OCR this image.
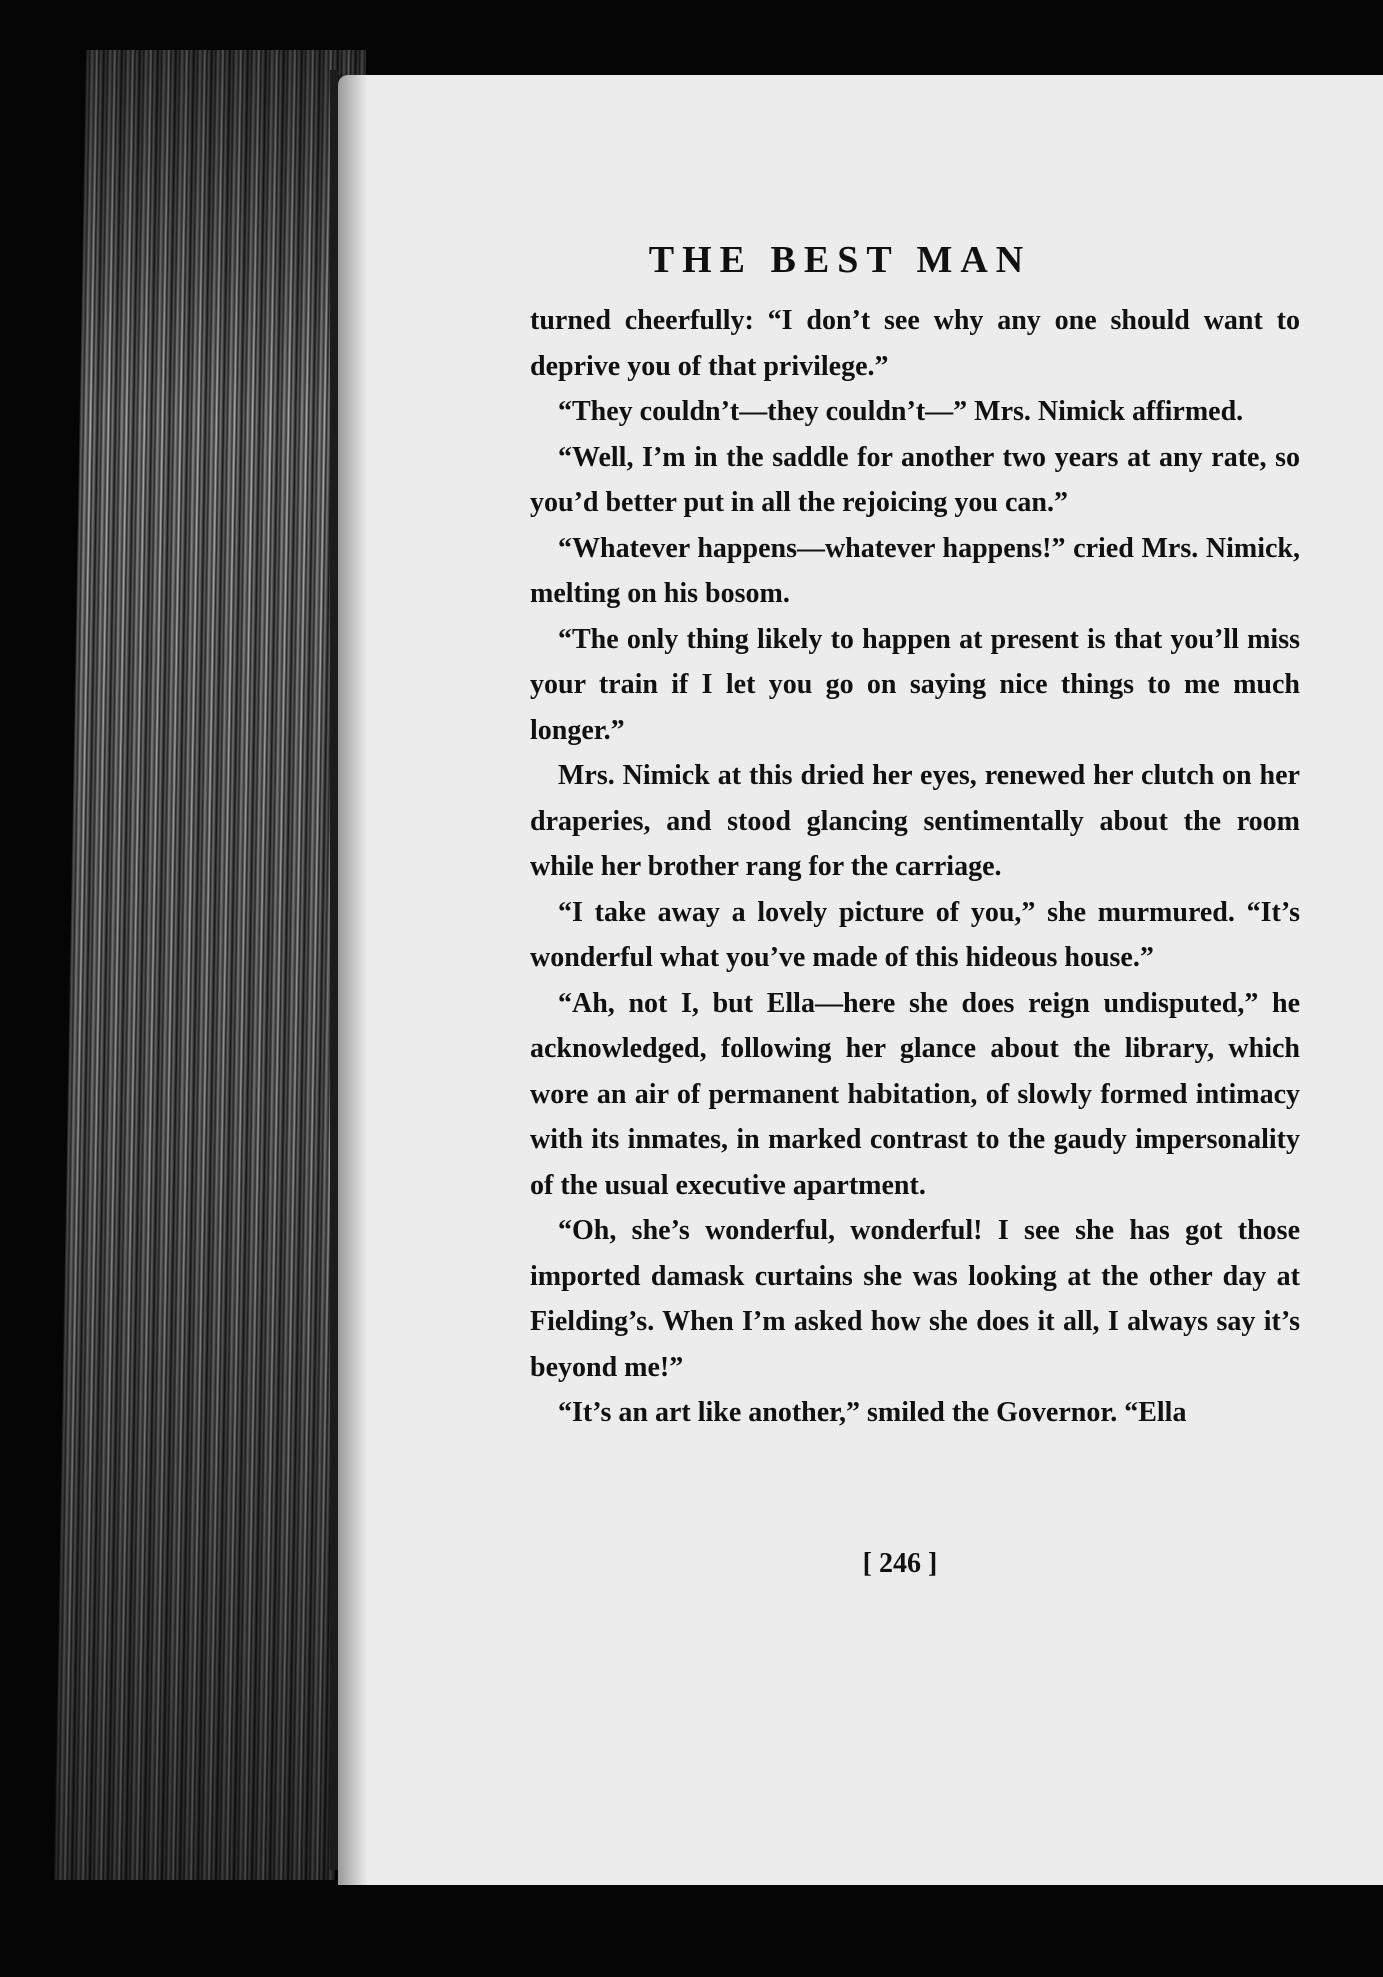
THE BEST MAN

turned cheerfully: “I don’t see why any one should want to deprive you of that privilege.”

“They couldn’t—they couldn’t—” Mrs. Nimick affirmed.

“Well, I’m in the saddle for another two years at any rate, so you’d better put in all the rejoicing you can.”

“Whatever happens—whatever happens!” cried Mrs. Nimick, melting on his bosom.

“The only thing likely to happen at present is that you’ll miss your train if I let you go on saying nice things to me much longer.”

Mrs. Nimick at this dried her eyes, renewed her clutch on her draperies, and stood glancing sentimentally about the room while her brother rang for the carriage.

“I take away a lovely picture of you,” she murmured. “It’s wonderful what you’ve made of this hideous house.”

“Ah, not I, but Ella—here she does reign undisputed,” he acknowledged, following her glance about the library, which wore an air of permanent habitation, of slowly formed intimacy with its inmates, in marked contrast to the gaudy impersonality of the usual executive apartment.

“Oh, she’s wonderful, wonderful! I see she has got those imported damask curtains she was looking at the other day at Fielding’s. When I’m asked how she does it all, I always say it’s beyond me!”

“It’s an art like another,” smiled the Governor. “Ella

[ 246 ]
